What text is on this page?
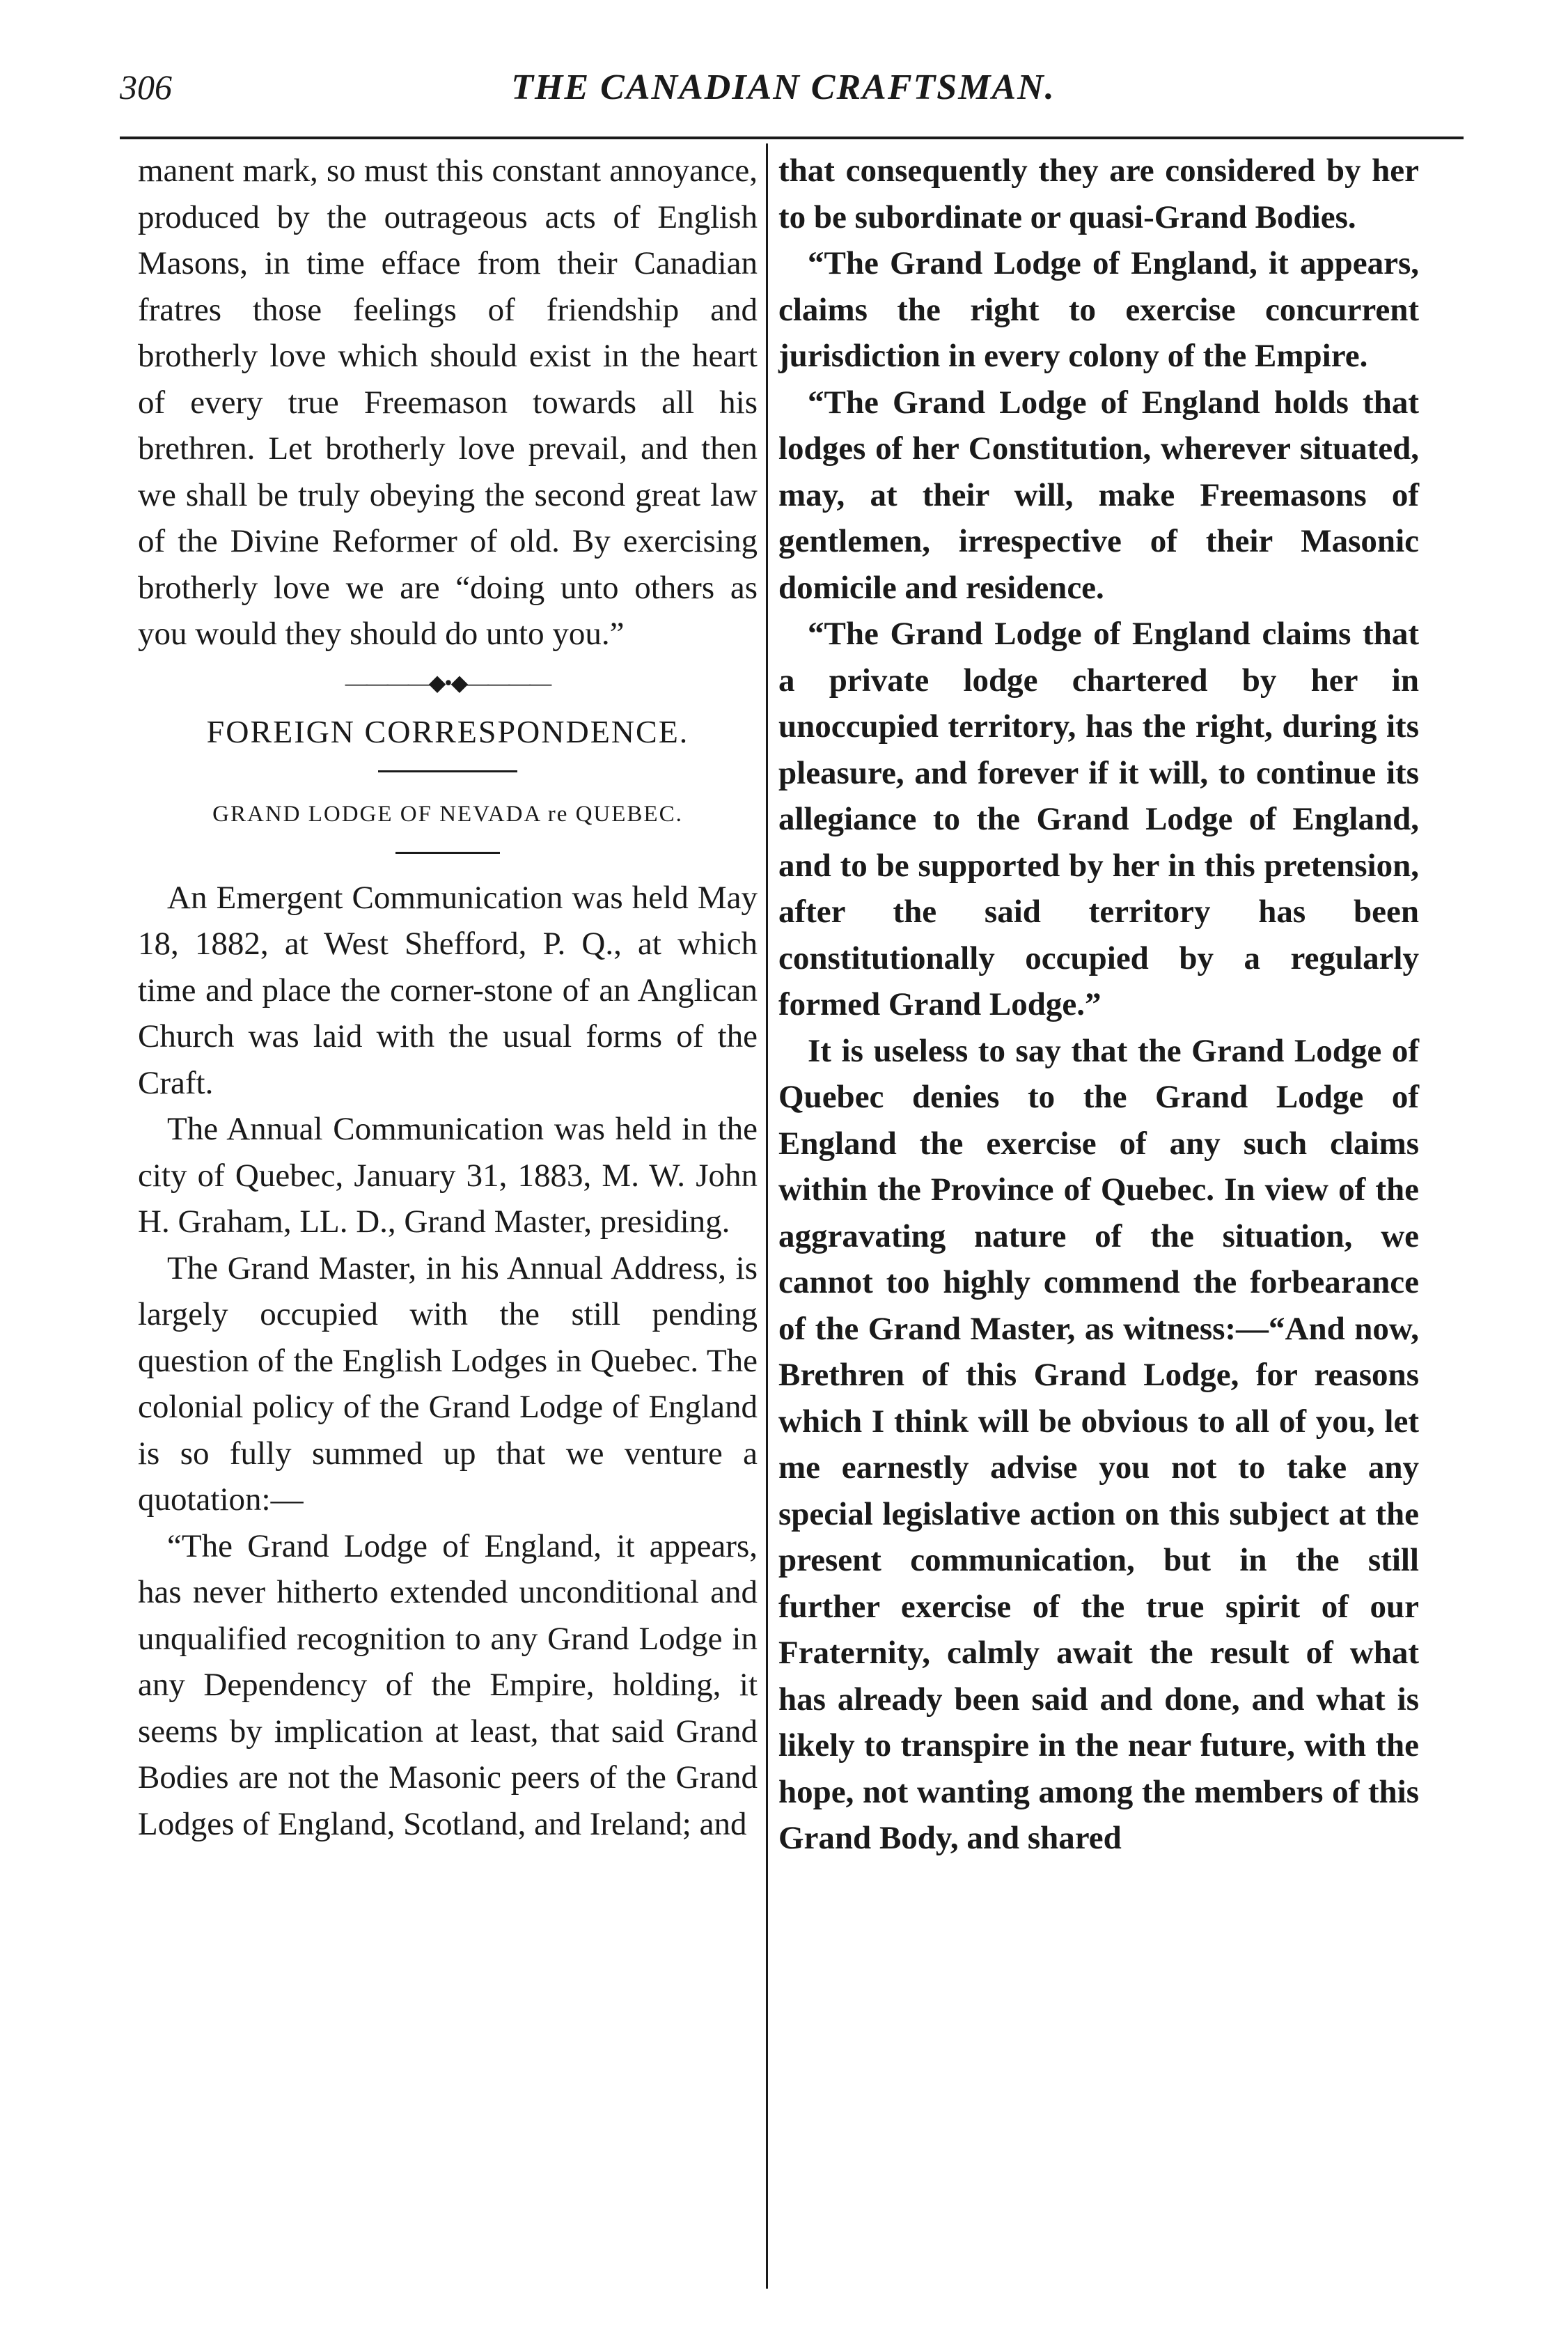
306	THE CANADIAN CRAFTSMAN.

manent mark, so must this constant annoyance, produced by the outrageous acts of English Masons, in time efface from their Canadian fratres those feelings of friendship and brotherly love which should exist in the heart of every true Freemason towards all his brethren. Let brotherly love prevail, and then we shall be truly obeying the second great law of the Divine Reformer of old. By exercising brotherly love we are “doing unto others as you would they should do unto you.”

————◆•◆————
FOREIGN CORRESPONDENCE.
GRAND LODGE OF NEVADA re QUEBEC.

An Emergent Communication was held May 18, 1882, at West Shefford, P. Q., at which time and place the corner-stone of an Anglican Church was laid with the usual forms of the Craft.

The Annual Communication was held in the city of Quebec, January 31, 1883, M. W. John H. Graham, LL. D., Grand Master, presiding.

The Grand Master, in his Annual Address, is largely occupied with the still pending question of the English Lodges in Quebec. The colonial policy of the Grand Lodge of England is so fully summed up that we venture a quotation:—

“The Grand Lodge of England, it appears, has never hitherto extended unconditional and unqualified recognition to any Grand Lodge in any Dependency of the Empire, holding, it seems by implication at least, that said Grand Bodies are not the Masonic peers of the Grand Lodges of England, Scotland, and Ireland; and

that consequently they are considered by her to be subordinate or quasi-Grand Bodies.

“The Grand Lodge of England, it appears, claims the right to exercise concurrent jurisdiction in every colony of the Empire.

“The Grand Lodge of England holds that lodges of her Constitution, wherever situated, may, at their will, make Freemasons of gentlemen, irrespective of their Masonic domicile and residence.

“The Grand Lodge of England claims that a private lodge chartered by her in unoccupied territory, has the right, during its pleasure, and forever if it will, to continue its allegiance to the Grand Lodge of England, and to be supported by her in this pretension, after the said territory has been constitutionally occupied by a regularly formed Grand Lodge.”

It is useless to say that the Grand Lodge of Quebec denies to the Grand Lodge of England the exercise of any such claims within the Province of Quebec. In view of the aggravating nature of the situation, we cannot too highly commend the forbearance of the Grand Master, as witness:—“And now, Brethren of this Grand Lodge, for reasons which I think will be obvious to all of you, let me earnestly advise you not to take any special legislative action on this subject at the present communication, but in the still further exercise of the true spirit of our Fraternity, calmly await the result of what has already been said and done, and what is likely to transpire in the near future, with the hope, not wanting among the members of this Grand Body, and shared
